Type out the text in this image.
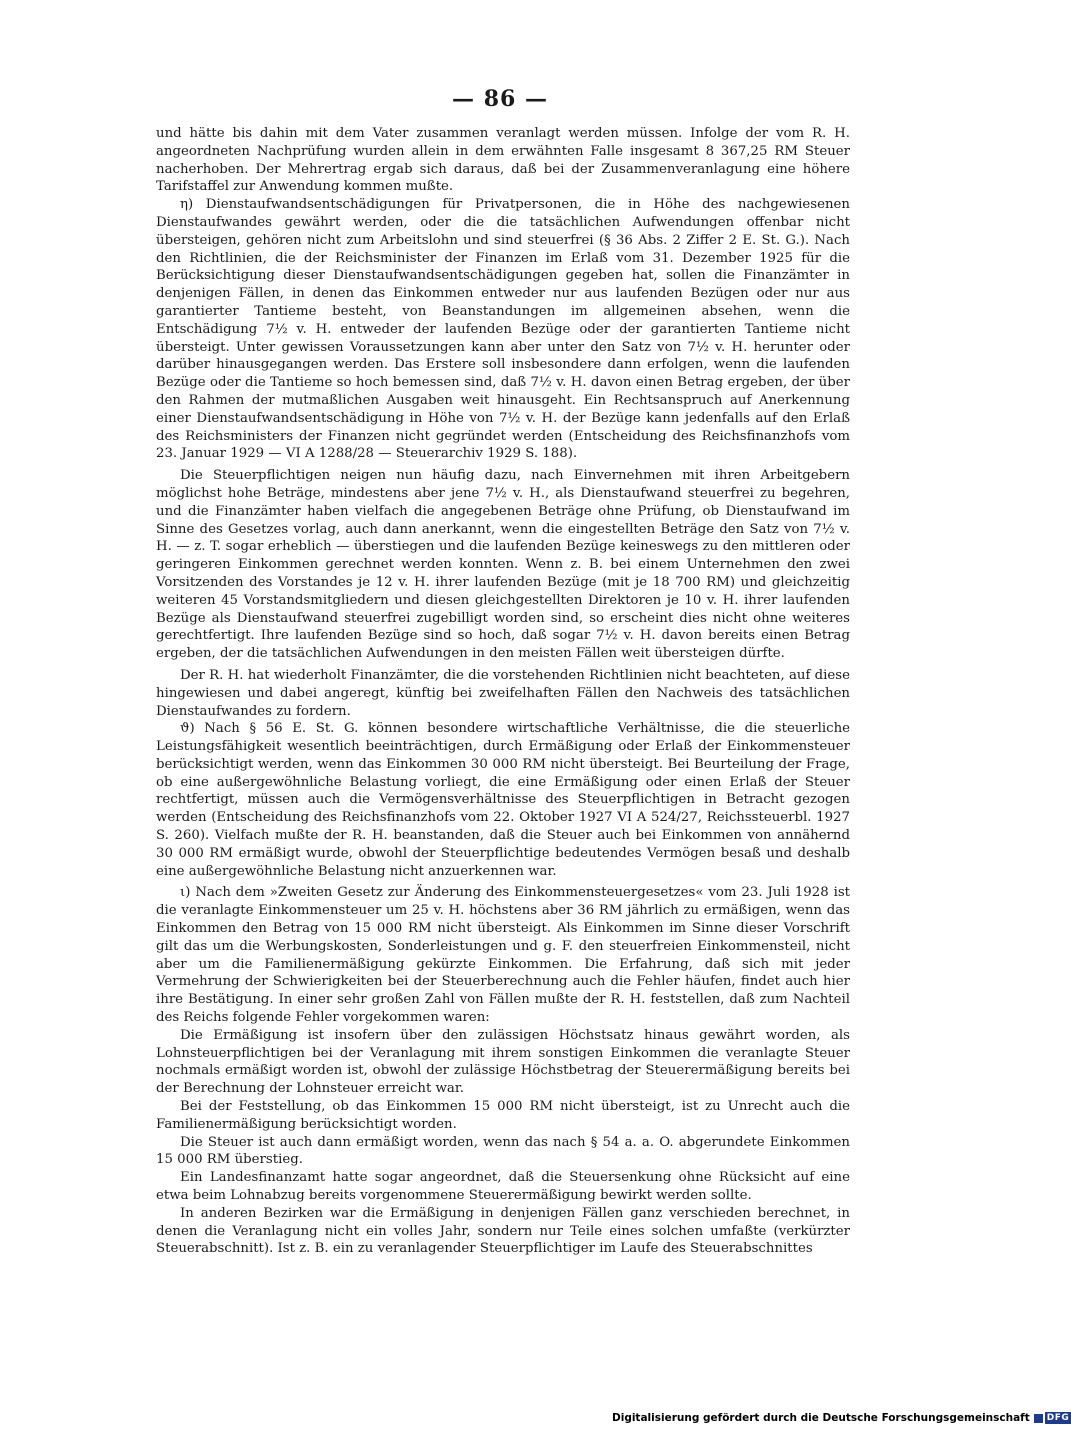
— 86 —

und hätte bis dahin mit dem Vater zusammen veranlagt werden müssen. Infolge der vom R. H. angeordneten Nachprüfung wurden allein in dem erwähnten Falle insgesamt 8 367,25 RM Steuer nacherhoben. Der Mehrertrag ergab sich daraus, daß bei der Zusammenveranlagung eine höhere Tarifstaffel zur Anwendung kommen mußte.

η) Dienstaufwandsentschädigungen für Privatpersonen, die in Höhe des nachgewiesenen Dienstaufwandes gewährt werden, oder die die tatsächlichen Aufwendungen offenbar nicht übersteigen, gehören nicht zum Arbeitslohn und sind steuerfrei (§ 36 Abs. 2 Ziffer 2 E. St. G.). Nach den Richtlinien, die der Reichsminister der Finanzen im Erlaß vom 31. Dezember 1925 für die Berücksichtigung dieser Dienstaufwandsentschädigungen gegeben hat, sollen die Finanzämter in denjenigen Fällen, in denen das Einkommen entweder nur aus laufenden Bezügen oder nur aus garantierter Tantieme besteht, von Beanstandungen im allgemeinen absehen, wenn die Entschädigung 7½ v. H. entweder der laufenden Bezüge oder der garantierten Tantieme nicht übersteigt. Unter gewissen Voraussetzungen kann aber unter den Satz von 7½ v. H. herunter oder darüber hinausgegangen werden. Das Erstere soll insbesondere dann erfolgen, wenn die laufenden Bezüge oder die Tantieme so hoch bemessen sind, daß 7½ v. H. davon einen Betrag ergeben, der über den Rahmen der mutmaßlichen Ausgaben weit hinausgeht. Ein Rechtsanspruch auf Anerkennung einer Dienstaufwandsentschädigung in Höhe von 7½ v. H. der Bezüge kann jedenfalls auf den Erlaß des Reichsministers der Finanzen nicht gegründet werden (Entscheidung des Reichsfinanzhofs vom 23. Januar 1929 — VI A 1288/28 — Steuerarchiv 1929 S. 188).

Die Steuerpflichtigen neigen nun häufig dazu, nach Einvernehmen mit ihren Arbeitgebern möglichst hohe Beträge, mindestens aber jene 7½ v. H., als Dienstaufwand steuerfrei zu begehren, und die Finanzämter haben vielfach die angegebenen Beträge ohne Prüfung, ob Dienstaufwand im Sinne des Gesetzes vorlag, auch dann anerkannt, wenn die eingestellten Beträge den Satz von 7½ v. H. — z. T. sogar erheblich — überstiegen und die laufenden Bezüge keineswegs zu den mittleren oder geringeren Einkommen gerechnet werden konnten. Wenn z. B. bei einem Unternehmen den zwei Vorsitzenden des Vorstandes je 12 v. H. ihrer laufenden Bezüge (mit je 18 700 RM) und gleichzeitig weiteren 45 Vorstandsmitgliedern und diesen gleichgestellten Direktoren je 10 v. H. ihrer laufenden Bezüge als Dienstaufwand steuerfrei zugebilligt worden sind, so erscheint dies nicht ohne weiteres gerechtfertigt. Ihre laufenden Bezüge sind so hoch, daß sogar 7½ v. H. davon bereits einen Betrag ergeben, der die tatsächlichen Aufwendungen in den meisten Fällen weit übersteigen dürfte.

Der R. H. hat wiederholt Finanzämter, die die vorstehenden Richtlinien nicht beachteten, auf diese hingewiesen und dabei angeregt, künftig bei zweifelhaften Fällen den Nachweis des tatsächlichen Dienstaufwandes zu fordern.

ϑ) Nach § 56 E. St. G. können besondere wirtschaftliche Verhältnisse, die die steuerliche Leistungsfähigkeit wesentlich beeinträchtigen, durch Ermäßigung oder Erlaß der Einkommensteuer berücksichtigt werden, wenn das Einkommen 30 000 RM nicht übersteigt. Bei Beurteilung der Frage, ob eine außergewöhnliche Belastung vorliegt, die eine Ermäßigung oder einen Erlaß der Steuer rechtfertigt, müssen auch die Vermögensverhältnisse des Steuerpflichtigen in Betracht gezogen werden (Entscheidung des Reichsfinanzhofs vom 22. Oktober 1927 VI A 524/27, Reichssteuerbl. 1927 S. 260). Vielfach mußte der R. H. beanstanden, daß die Steuer auch bei Einkommen von annähernd 30 000 RM ermäßigt wurde, obwohl der Steuerpflichtige bedeutendes Vermögen besaß und deshalb eine außergewöhnliche Belastung nicht anzuerkennen war.

ι) Nach dem »Zweiten Gesetz zur Änderung des Einkommensteuergesetzes« vom 23. Juli 1928 ist die veranlagte Einkommensteuer um 25 v. H. höchstens aber 36 RM jährlich zu ermäßigen, wenn das Einkommen den Betrag von 15 000 RM nicht übersteigt. Als Einkommen im Sinne dieser Vorschrift gilt das um die Werbungskosten, Sonderleistungen und g. F. den steuerfreien Einkommensteil, nicht aber um die Familienermäßigung gekürzte Einkommen. Die Erfahrung, daß sich mit jeder Vermehrung der Schwierigkeiten bei der Steuerberechnung auch die Fehler häufen, findet auch hier ihre Bestätigung. In einer sehr großen Zahl von Fällen mußte der R. H. feststellen, daß zum Nachteil des Reichs folgende Fehler vorgekommen waren:

Die Ermäßigung ist insofern über den zulässigen Höchstsatz hinaus gewährt worden, als Lohnsteuerpflichtigen bei der Veranlagung mit ihrem sonstigen Einkommen die veranlagte Steuer nochmals ermäßigt worden ist, obwohl der zulässige Höchstbetrag der Steuerermäßigung bereits bei der Berechnung der Lohnsteuer erreicht war.

Bei der Feststellung, ob das Einkommen 15 000 RM nicht übersteigt, ist zu Unrecht auch die Familienermäßigung berücksichtigt worden.

Die Steuer ist auch dann ermäßigt worden, wenn das nach § 54 a. a. O. abgerundete Einkommen 15 000 RM überstieg.

Ein Landesfinanzamt hatte sogar angeordnet, daß die Steuersenkung ohne Rücksicht auf eine etwa beim Lohnabzug bereits vorgenommene Steuerermäßigung bewirkt werden sollte.

In anderen Bezirken war die Ermäßigung in denjenigen Fällen ganz verschieden berechnet, in denen die Veranlagung nicht ein volles Jahr, sondern nur Teile eines solchen umfaßte (verkürzter Steuerabschnitt). Ist z. B. ein zu veranlagender Steuerpflichtiger im Laufe des Steuerabschnittes

Digitalisierung gefördert durch die Deutsche Forschungsgemeinschaft DFG
